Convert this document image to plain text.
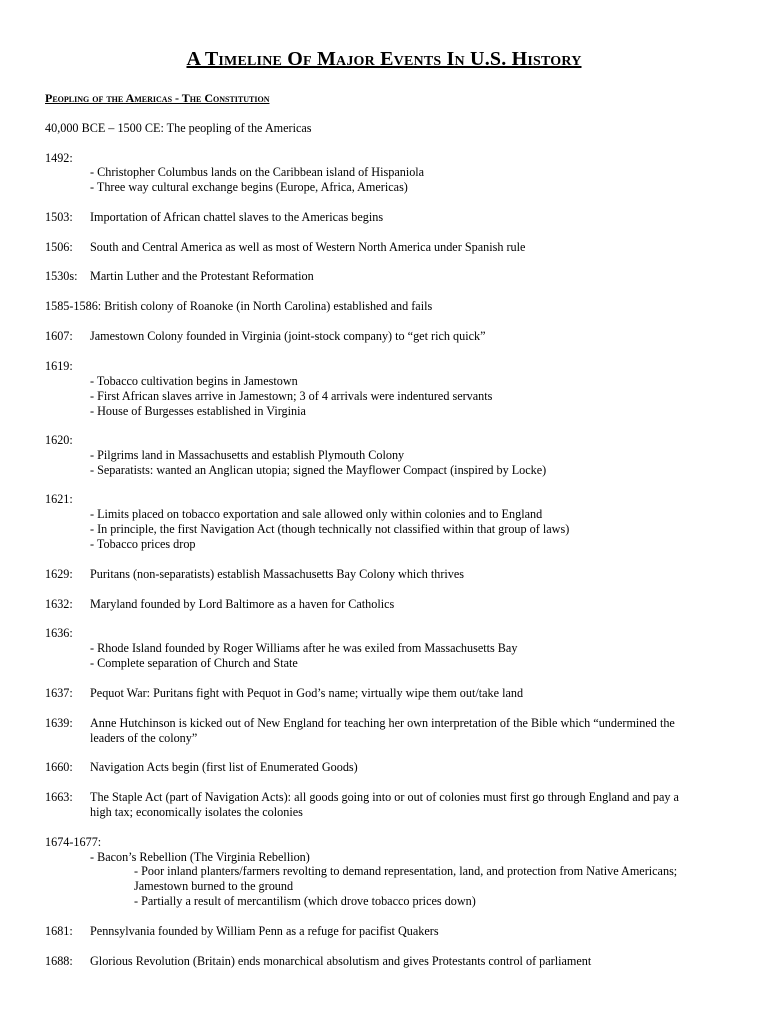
A Timeline Of Major Events In U.S. History
Peopling of the Americas - The Constitution
40,000 BCE – 1500 CE: The peopling of the Americas
1492:
- Christopher Columbus lands on the Caribbean island of Hispaniola
- Three way cultural exchange begins (Europe, Africa, Americas)
1503: Importation of African chattel slaves to the Americas begins
1506: South and Central America as well as most of Western North America under Spanish rule
1530s: Martin Luther and the Protestant Reformation
1585-1586: British colony of Roanoke (in North Carolina) established and fails
1607: Jamestown Colony founded in Virginia (joint-stock company) to “get rich quick”
1619:
- Tobacco cultivation begins in Jamestown
- First African slaves arrive in Jamestown; 3 of 4 arrivals were indentured servants
- House of Burgesses established in Virginia
1620:
- Pilgrims land in Massachusetts and establish Plymouth Colony
- Separatists: wanted an Anglican utopia; signed the Mayflower Compact (inspired by Locke)
1621:
- Limits placed on tobacco exportation and sale allowed only within colonies and to England
- In principle, the first Navigation Act (though technically not classified within that group of laws)
- Tobacco prices drop
1629: Puritans (non-separatists) establish Massachusetts Bay Colony which thrives
1632: Maryland founded by Lord Baltimore as a haven for Catholics
1636:
- Rhode Island founded by Roger Williams after he was exiled from Massachusetts Bay
- Complete separation of Church and State
1637: Pequot War: Puritans fight with Pequot in God’s name; virtually wipe them out/take land
1639: Anne Hutchinson is kicked out of New England for teaching her own interpretation of the Bible which “undermined the
leaders of the colony”
1660: Navigation Acts begin (first list of Enumerated Goods)
1663: The Staple Act (part of Navigation Acts): all goods going into or out of colonies must first go through England and pay a
high tax; economically isolates the colonies
1674-1677:
- Bacon’s Rebellion (The Virginia Rebellion)
- Poor inland planters/farmers revolting to demand representation, land, and protection from Native Americans;
Jamestown burned to the ground
- Partially a result of mercantilism (which drove tobacco prices down)
1681: Pennsylvania founded by William Penn as a refuge for pacifist Quakers
1688: Glorious Revolution (Britain) ends monarchical absolutism and gives Protestants control of parliament
